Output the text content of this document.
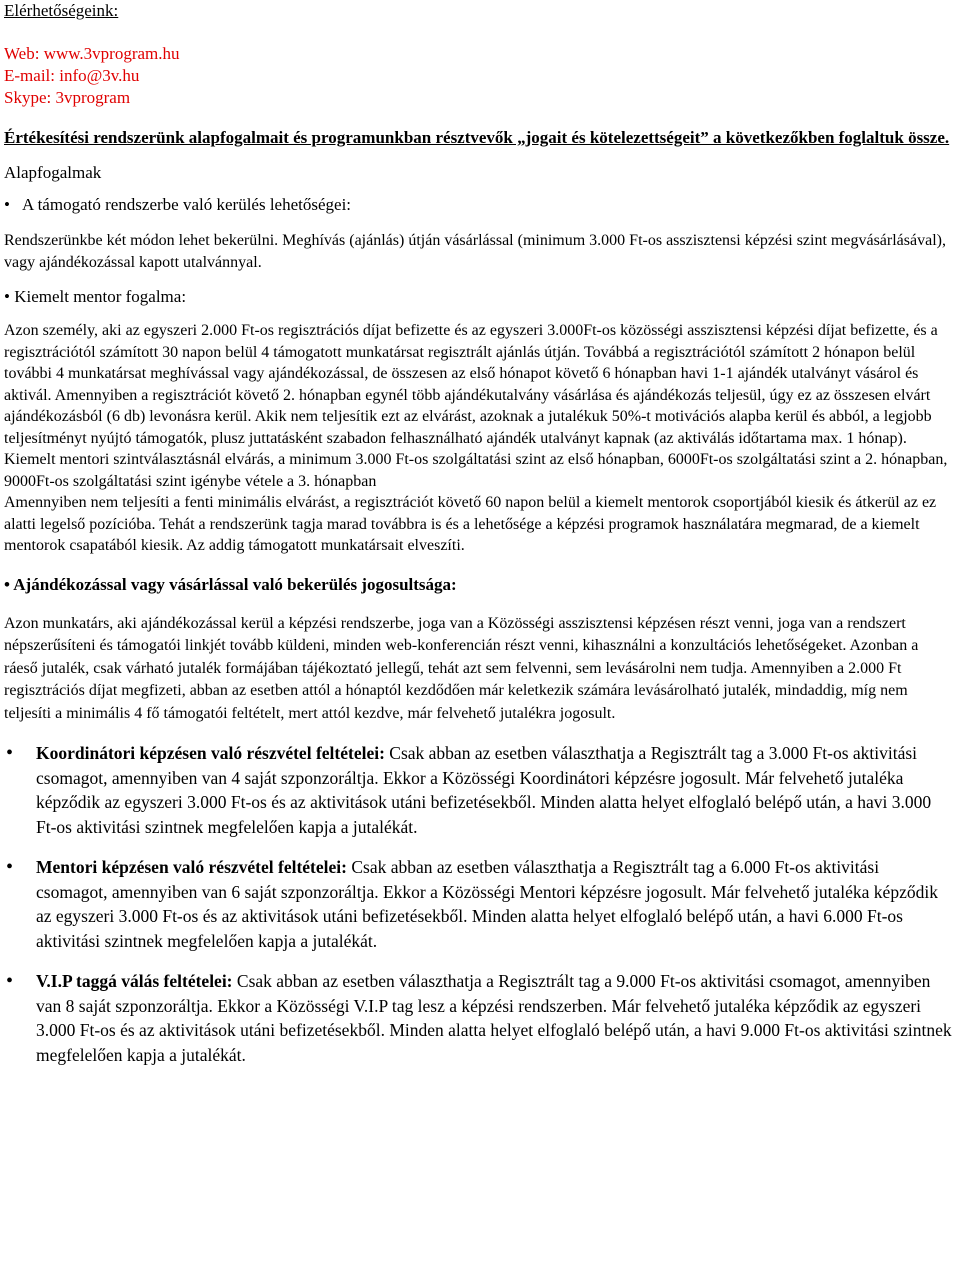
Elérhetőségeink:

Web: www.3vprogram.hu

E-mail: info@3v.hu

Skype: 3vprogram

Értékesítési rendszerünk alapfogalmait és programunkban résztvevők „jogait és kötelezettségeit” a következőkben foglaltuk össze.

Alapfogalmak

• A támogató rendszerbe való kerülés lehetőségei:

Rendszerünkbe két módon lehet bekerülni. Meghívás (ajánlás) útján vásárlással (minimum 3.000 Ft-os asszisztensi képzési szint megvásárlásával), vagy ajándékozással kapott utalvánnyal.

• Kiemelt mentor fogalma:

Azon személy, aki az egyszeri 2.000 Ft-os regisztrációs díjat befizette és az egyszeri 3.000Ft-os közösségi asszisztensi képzési díjat befizette, és a regisztrációtól számított 30 napon belül 4 támogatott munkatársat regisztrált ajánlás útján. Továbbá a regisztrációtól számított 2 hónapon belül további 4 munkatársat meghívással vagy ajándékozással, de összesen az első hónapot követő 6 hónapban havi 1-1 ajándék utalványt vásárol és aktivál. Amennyiben a regisztrációt követő 2. hónapban egynél több ajándékutalvány vásárlása és ajándékozás teljesül, úgy ez az összesen elvárt ajándékozásból (6 db) levonásra kerül. Akik nem teljesítik ezt az elvárást, azoknak a jutalékuk 50%-t motivációs alapba kerül és abból, a legjobb teljesítményt nyújtó támogatók, plusz juttatásként szabadon felhasználható ajándék utalványt kapnak (az aktiválás időtartama max. 1 hónap).

Kiemelt mentori szintválasztásnál elvárás, a minimum 3.000 Ft-os szolgáltatási szint az első hónapban, 6000Ft-os szolgáltatási szint a 2. hónapban, 9000Ft-os szolgáltatási szint igénybe vétele a 3. hónapban

Amennyiben nem teljesíti a fenti minimális elvárást, a regisztrációt követő 60 napon belül a kiemelt mentorok csoportjából kiesik és átkerül az ez alatti legelső pozícióba. Tehát a rendszerünk tagja marad továbbra is és a lehetősége a képzési programok használatára megmarad, de a kiemelt mentorok csapatából kiesik. Az addig támogatott munkatársait elveszíti.

• Ajándékozással vagy vásárlással való bekerülés jogosultsága:

Azon munkatárs, aki ajándékozással kerül a képzési rendszerbe, joga van a Közösségi asszisztensi képzésen részt venni, joga van a rendszert népszerűsíteni és támogatói linkjét tovább küldeni, minden web-konferencián részt venni, kihasználni a konzultációs lehetőségeket. Azonban a ráeső jutalék, csak várható jutalék formájában tájékoztató jellegű, tehát azt sem felvenni, sem levásárolni nem tudja. Amennyiben a 2.000 Ft regisztrációs díjat megfizeti, abban az esetben attól a hónaptól kezdődően már keletkezik számára levásárolható jutalék, mindaddig, míg nem teljesíti a minimális 4 fő támogatói feltételt, mert attól kezdve, már felvehető jutalékra jogosult.

• Koordinátori képzésen való részvétel feltételei: Csak abban az esetben választhatja a Regisztrált tag a 3.000 Ft-os aktivitási csomagot, amennyiben van 4 saját szponzoráltja. Ekkor a Közösségi Koordinátori képzésre jogosult. Már felvehető jutaléka képződik az egyszeri 3.000 Ft-os és az aktivitások utáni befizetésekből. Minden alatta helyet elfoglaló belépő után, a havi 3.000 Ft-os aktivitási szintnek megfelelően kapja a jutalékát.

• Mentori képzésen való részvétel feltételei: Csak abban az esetben választhatja a Regisztrált tag a 6.000 Ft-os aktivitási csomagot, amennyiben van 6 saját szponzoráltja. Ekkor a Közösségi Mentori képzésre jogosult. Már felvehető jutaléka képződik az egyszeri 3.000 Ft-os és az aktivitások utáni befizetésekből. Minden alatta helyet elfoglaló belépő után, a havi 6.000 Ft-os aktivitási szintnek megfelelően kapja a jutalékát.

• V.I.P taggá válás feltételei: Csak abban az esetben választhatja a Regisztrált tag a 9.000 Ft-os aktivitási csomagot, amennyiben van 8 saját szponzoráltja. Ekkor a Közösségi V.I.P tag lesz a képzési rendszerben. Már felvehető jutaléka képződik az egyszeri 3.000 Ft-os és az aktivitások utáni befizetésekből. Minden alatta helyet elfoglaló belépő után, a havi 9.000 Ft-os aktivitási szintnek megfelelően kapja a jutalékát.
